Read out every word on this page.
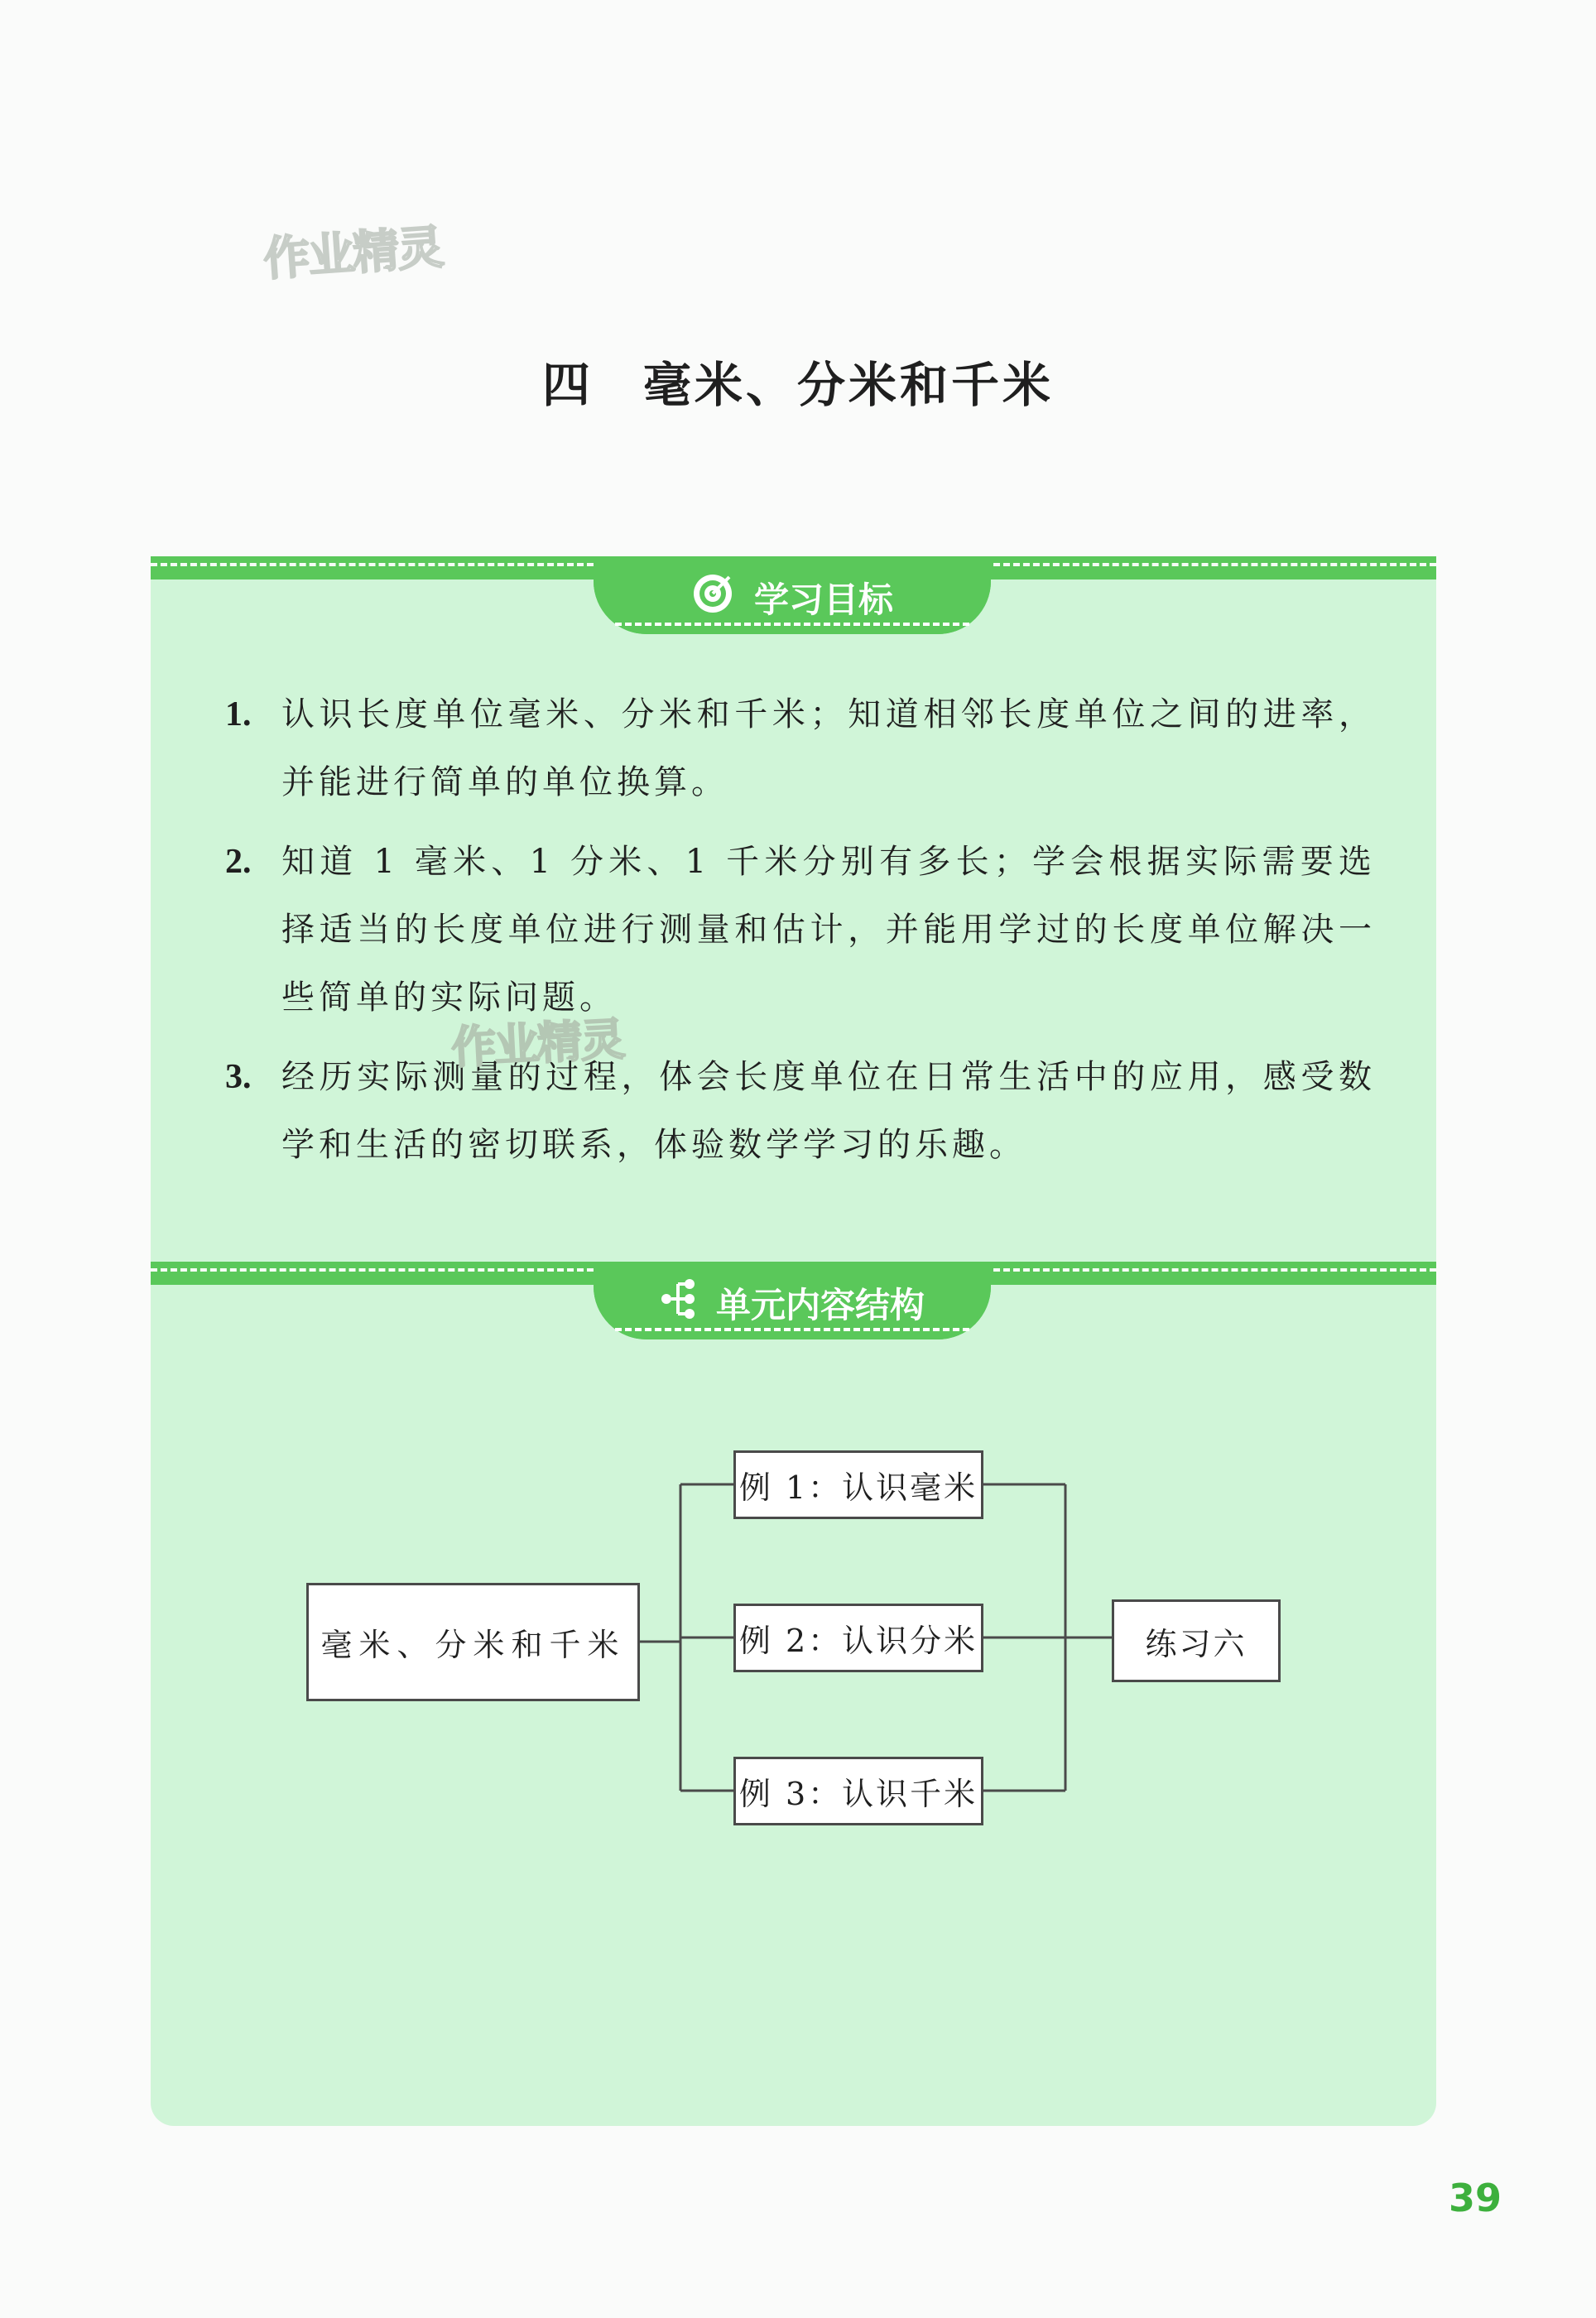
作业精灵
四 毫米、分米和千米
学习目标
1. 认识长度单位毫米、分米和千米；知道相邻长度单位之间的进率，并能进行简单的单位换算。
2. 知道 1 毫米、1 分米、1 千米分别有多长；学会根据实际需要选择适当的长度单位进行测量和估计，并能用学过的长度单位解决一些简单的实际问题。
3. 经历实际测量的过程，体会长度单位在日常生活中的应用，感受数学和生活的密切联系，体验数学学习的乐趣。
单元内容结构
毫米、分米和千米
例 1：认识毫米
例 2：认识分米
例 3：认识千米
练习六
作业精灵
39
